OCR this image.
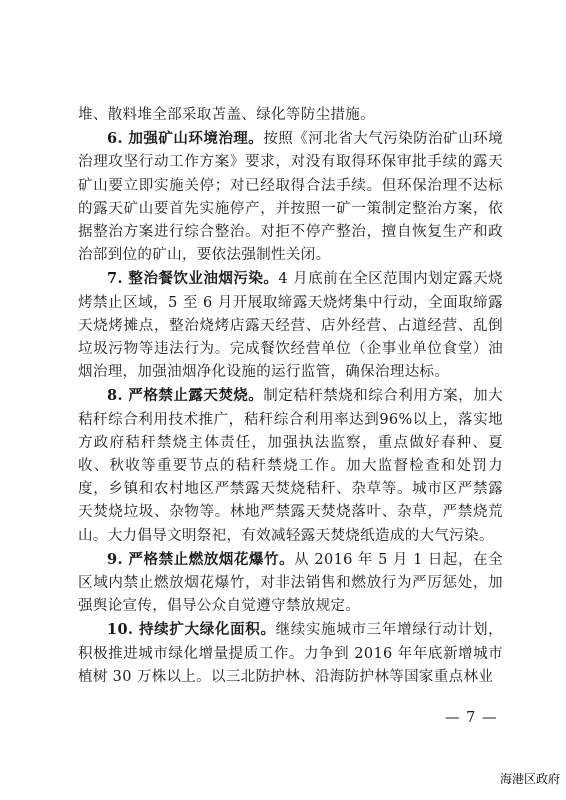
堆、散料堆全部采取苫盖、绿化等防尘措施。

6. 加强矿山环境治理。按照《河北省大气污染防治矿山环境治理攻坚行动工作方案》要求，对没有取得环保审批手续的露天矿山要立即实施关停；对已经取得合法手续。但环保治理不达标的露天矿山要首先实施停产，并按照一矿一策制定整治方案，依据整治方案进行综合整治。对拒不停产整治，擅自恢复生产和政治部到位的矿山，要依法强制性关闭。

7. 整治餐饮业油烟污染。4 月底前在全区范围内划定露天烧烤禁止区域，5 至 6 月开展取缔露天烧烤集中行动，全面取缔露天烧烤摊点，整治烧烤店露天经营、店外经营、占道经营、乱倒垃圾污物等违法行为。完成餐饮经营单位（企事业单位食堂）油烟治理，加强油烟净化设施的运行监管，确保治理达标。

8. 严格禁止露天焚烧。制定秸秆禁烧和综合利用方案，加大秸秆综合利用技术推广，秸秆综合利用率达到96%以上，落实地方政府秸秆禁烧主体责任，加强执法监察，重点做好春种、夏收、秋收等重要节点的秸秆禁烧工作。加大监督检查和处罚力度，乡镇和农村地区严禁露天焚烧秸秆、杂草等。城市区严禁露天焚烧垃圾、杂物等。林地严禁露天焚烧落叶、杂草，严禁烧荒山。大力倡导文明祭祀，有效减轻露天焚烧纸造成的大气污染。

9. 严格禁止燃放烟花爆竹。从 2016 年 5 月 1 日起，在全区域内禁止燃放烟花爆竹，对非法销售和燃放行为严厉惩处，加强舆论宣传，倡导公众自觉遵守禁放规定。

10. 持续扩大绿化面积。继续实施城市三年增绿行动计划，积极推进城市绿化增量提质工作。力争到 2016 年年底新增城市植树 30 万株以上。以三北防护林、沿海防护林等国家重点林业

— 7 —
海港区政府
